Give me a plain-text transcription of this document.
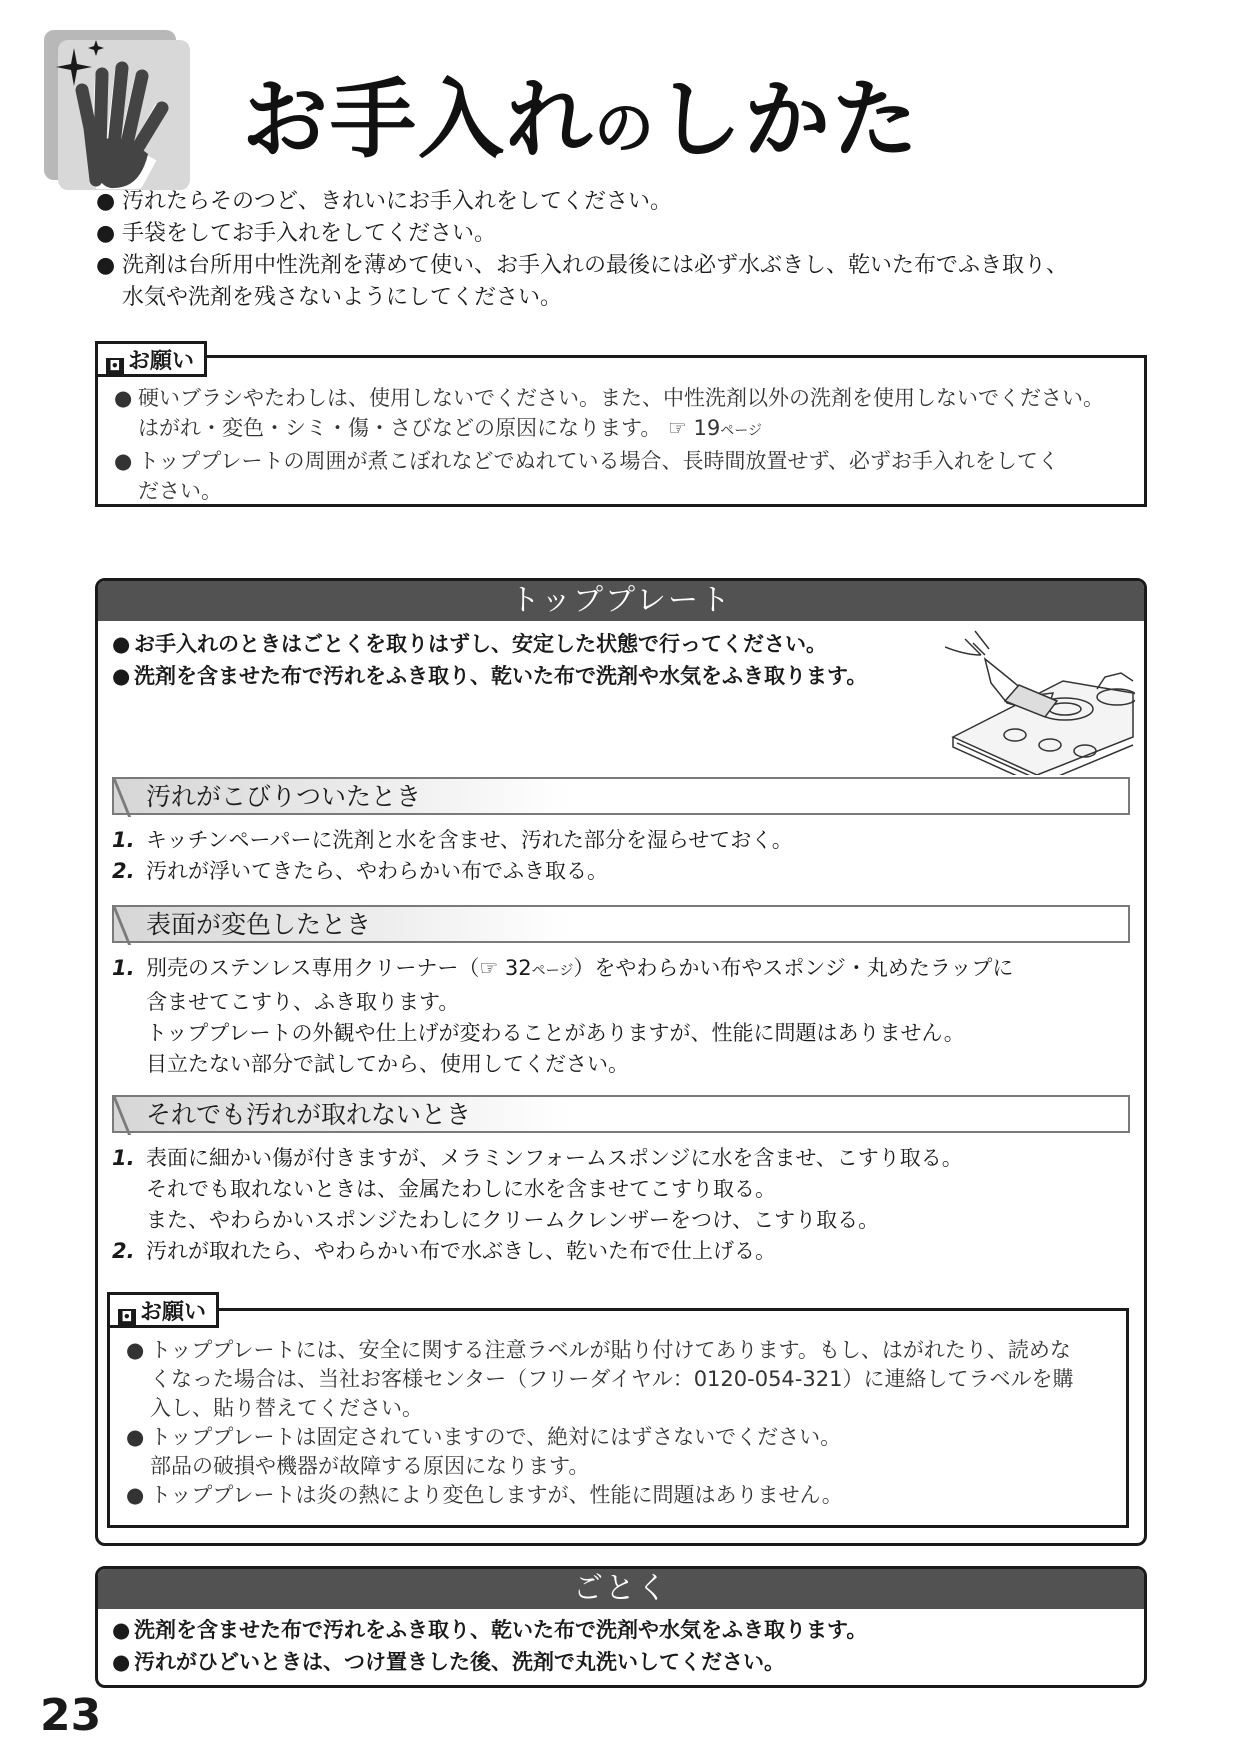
お手入れのしかた
● 汚れたらそのつど、きれいにお手入れをしてください。
● 手袋をしてお手入れをしてください。
● 洗剤は台所用中性洗剤を薄めて使い、お手入れの最後には必ず水ぶきし、乾いた布でふき取り、
水気や洗剤を残さないようにしてください。
◘ お願い
● 硬いブラシやたわしは、使用しないでください。また、中性洗剤以外の洗剤を使用しないでください。
はがれ・変色・シミ・傷・さびなどの原因になります。 ☞ 19ページ
● トッププレートの周囲が煮こぼれなどでぬれている場合、長時間放置せず、必ずお手入れをしてく
ださい。
トッププレート
● お手入れのときはごとくを取りはずし、安定した状態で行ってください。
● 洗剤を含ませた布で汚れをふき取り、乾いた布で洗剤や水気をふき取ります。
汚れがこびりついたとき
1. キッチンペーパーに洗剤と水を含ませ、汚れた部分を湿らせておく。
2. 汚れが浮いてきたら、やわらかい布でふき取る。
表面が変色したとき
1. 別売のステンレス専用クリーナー（☞ 32ページ）をやわらかい布やスポンジ・丸めたラップに
含ませてこすり、ふき取ります。
トッププレートの外観や仕上げが変わることがありますが、性能に問題はありません。
目立たない部分で試してから、使用してください。
それでも汚れが取れないとき
1. 表面に細かい傷が付きますが、メラミンフォームスポンジに水を含ませ、こすり取る。
それでも取れないときは、金属たわしに水を含ませてこすり取る。
また、やわらかいスポンジたわしにクリームクレンザーをつけ、こすり取る。
2. 汚れが取れたら、やわらかい布で水ぶきし、乾いた布で仕上げる。
◘ お願い
● トッププレートには、安全に関する注意ラベルが貼り付けてあります。もし、はがれたり、読めな
くなった場合は、当社お客様センター（フリーダイヤル：0120-054-321）に連絡してラベルを購
入し、貼り替えてください。
● トッププレートは固定されていますので、絶対にはずさないでください。
部品の破損や機器が故障する原因になります。
● トッププレートは炎の熱により変色しますが、性能に問題はありません。
ごとく
● 洗剤を含ませた布で汚れをふき取り、乾いた布で洗剤や水気をふき取ります。
● 汚れがひどいときは、つけ置きした後、洗剤で丸洗いしてください。
23
